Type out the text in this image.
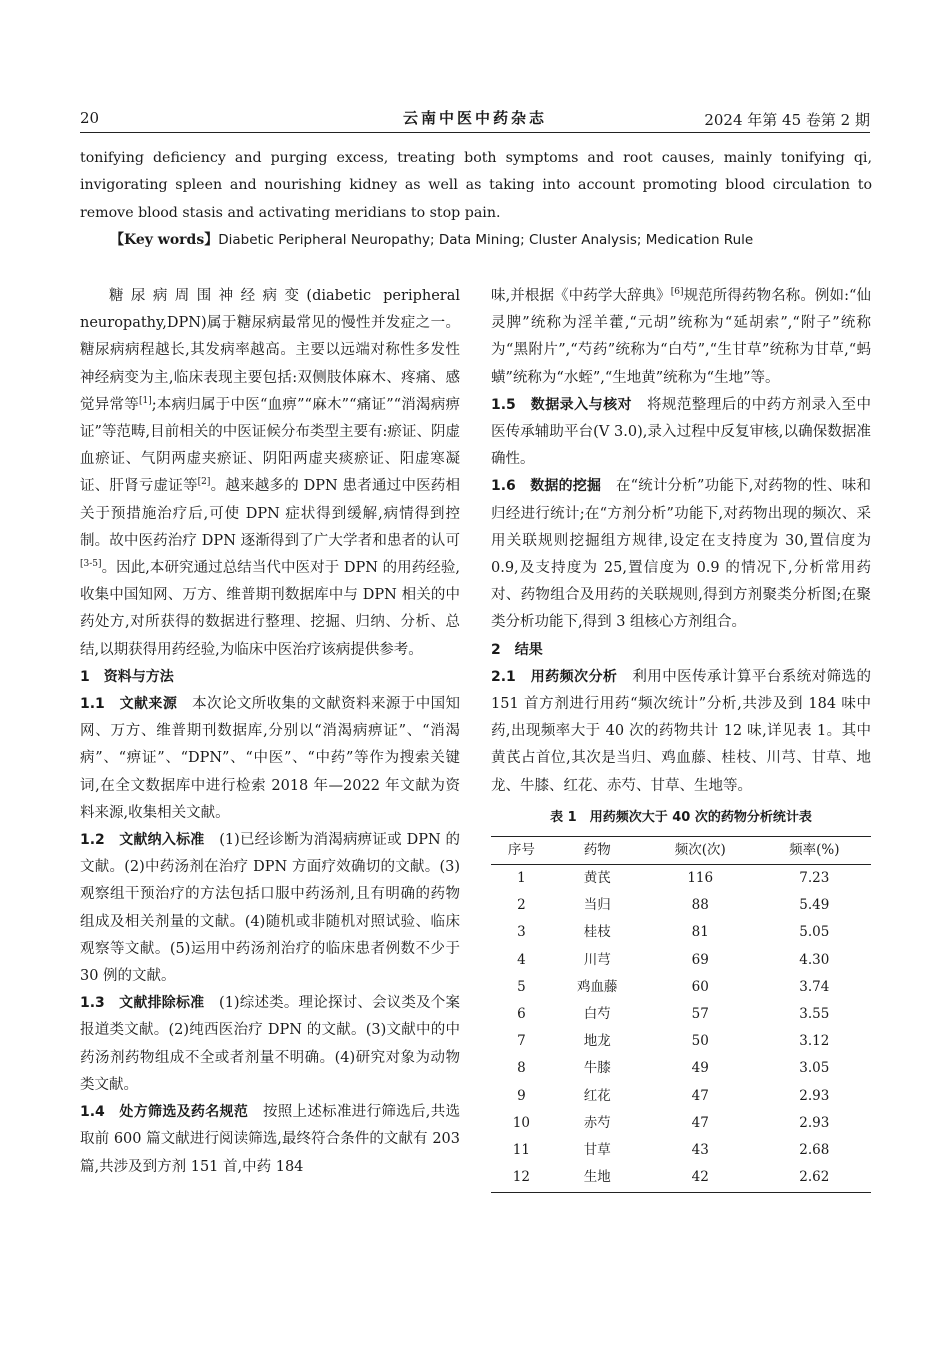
20	云南中医中药杂志	2024 年第 45 卷第 2 期

tonifying deficiency and purging excess, treating both symptoms and root causes, mainly tonifying qi, invigorating spleen and nourishing kidney as well as taking into account promoting blood circulation to remove blood stasis and activating meridians to stop pain.

【Key words】Diabetic Peripheral Neuropathy; Data Mining; Cluster Analysis; Medication Rule

糖尿病周围神经病变(diabetic peripheral neuropathy,DPN)属于糖尿病最常见的慢性并发症之一。糖尿病病程越长,其发病率越高。主要以远端对称性多发性神经病变为主,临床表现主要包括:双侧肢体麻木、疼痛、感觉异常等[1];本病归属于中医“血痹”“麻木”“痛证”“消渴病痹证”等范畴,目前相关的中医证候分布类型主要有:瘀证、阴虚血瘀证、气阴两虚夹瘀证、阴阳两虚夹痰瘀证、阳虚寒凝证、肝肾亏虚证等[2]。越来越多的 DPN 患者通过中医药相关于预措施治疗后,可使 DPN 症状得到缓解,病情得到控制。故中医药治疗 DPN 逐渐得到了广大学者和患者的认可[3-5]。因此,本研究通过总结当代中医对于 DPN 的用药经验,收集中国知网、万方、维普期刊数据库中与 DPN 相关的中药处方,对所获得的数据进行整理、挖掘、归纳、分析、总结,以期获得用药经验,为临床中医治疗该病提供参考。

1　资料与方法

1.1　文献来源　本次论文所收集的文献资料来源于中国知网、万方、维普期刊数据库,分别以“消渴病痹证”、“消渴病”、“痹证”、“DPN”、“中医”、“中药”等作为搜索关键词,在全文数据库中进行检索 2018 年—2022 年文献为资料来源,收集相关文献。

1.2　文献纳入标准　(1)已经诊断为消渴病痹证或 DPN 的文献。(2)中药汤剂在治疗 DPN 方面疗效确切的文献。(3)观察组干预治疗的方法包括口服中药汤剂,且有明确的药物组成及相关剂量的文献。(4)随机或非随机对照试验、临床观察等文献。(5)运用中药汤剂治疗的临床患者例数不少于 30 例的文献。

1.3　文献排除标准　(1)综述类。理论探讨、会议类及个案报道类文献。(2)纯西医治疗 DPN 的文献。(3)文献中的中药汤剂药物组成不全或者剂量不明确。(4)研究对象为动物类文献。

1.4　处方筛选及药名规范　按照上述标准进行筛选后,共选取前 600 篇文献进行阅读筛选,最终符合条件的文献有 203 篇,共涉及到方剂 151 首,中药 184

味,并根据《中药学大辞典》[6]规范所得药物名称。例如:“仙灵脾”统称为淫羊藿,“元胡”统称为“延胡索”,“附子”统称为“黑附片”,“芍药”统称为“白芍”,“生甘草”统称为甘草,“蚂蟥”统称为“水蛭”,“生地黄”统称为“生地”等。

1.5　数据录入与核对　将规范整理后的中药方剂录入至中医传承辅助平台(V 3.0),录入过程中反复审核,以确保数据准确性。

1.6　数据的挖掘　在“统计分析”功能下,对药物的性、味和归经进行统计;在“方剂分析”功能下,对药物出现的频次、采用关联规则挖掘组方规律,设定在支持度为 30,置信度为 0.9,及支持度为 25,置信度为 0.9 的情况下,分析常用药对、药物组合及用药的关联规则,得到方剂聚类分析图;在聚类分析功能下,得到 3 组核心方剂组合。

2　结果

2.1　用药频次分析　利用中医传承计算平台系统对筛选的 151 首方剂进行用药“频次统计”分析,共涉及到 184 味中药,出现频率大于 40 次的药物共计 12 味,详见表 1。其中黄芪占首位,其次是当归、鸡血藤、桂枝、川芎、甘草、地龙、牛膝、红花、赤芍、甘草、生地等。

表 1　用药频次大于 40 次的药物分析统计表
序号	药物	频次(次)	频率(%)
1	黄芪	116	7.23
2	当归	88	5.49
3	桂枝	81	5.05
4	川芎	69	4.30
5	鸡血藤	60	3.74
6	白芍	57	3.55
7	地龙	50	3.12
8	牛膝	49	3.05
9	红花	47	2.93
10	赤芍	47	2.93
11	甘草	43	2.68
12	生地	42	2.62
